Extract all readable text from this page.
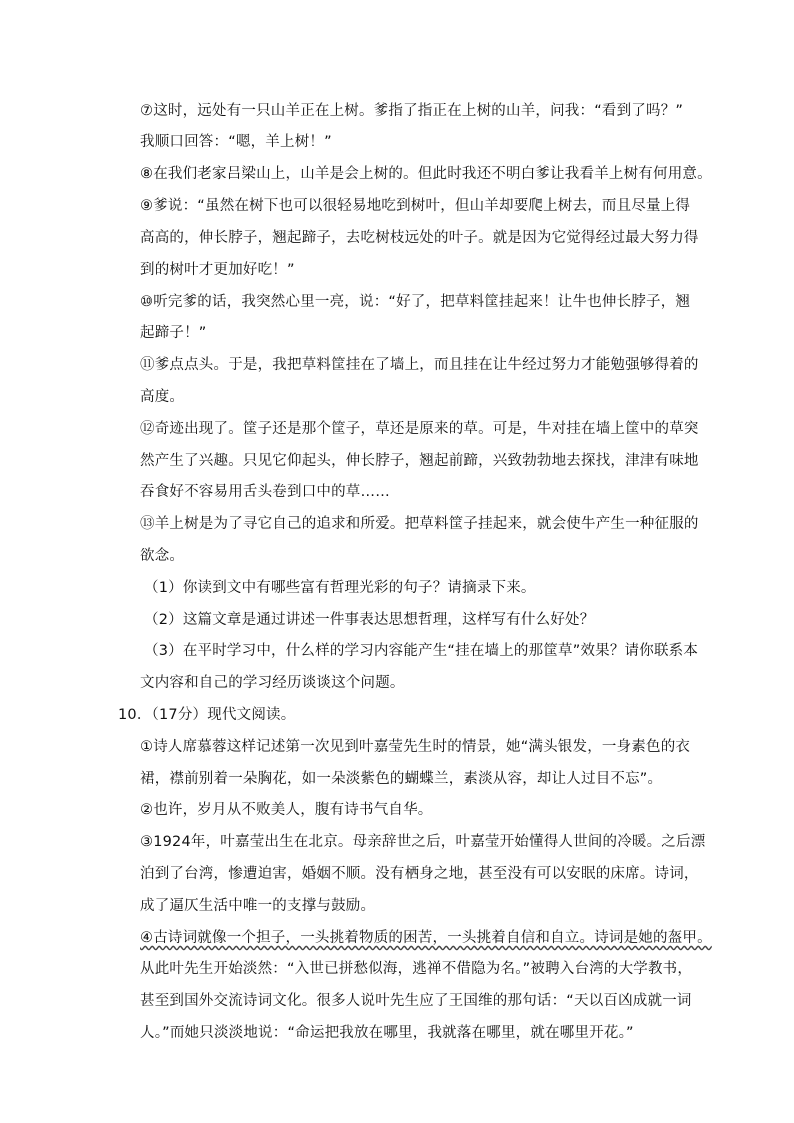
⑦这时，远处有一只山羊正在上树。爹指了指正在上树的山羊，问我：“看到了吗？”
我顺口回答：“嗯，羊上树！”
⑧在我们老家吕梁山上，山羊是会上树的。但此时我还不明白爹让我看羊上树有何用意。
⑨爹说：“虽然在树下也可以很轻易地吃到树叶，但山羊却要爬上树去，而且尽量上得
高高的，伸长脖子，翘起蹄子，去吃树枝远处的叶子。就是因为它觉得经过最大努力得
到的树叶才更加好吃！”
⑩听完爹的话，我突然心里一亮，说：“好了，把草料筐挂起来！让牛也伸长脖子，翘
起蹄子！”
⑪爹点点头。于是，我把草料筐挂在了墙上，而且挂在让牛经过努力才能勉强够得着的
高度。
⑫奇迹出现了。筐子还是那个筐子，草还是原来的草。可是，牛对挂在墙上筐中的草突
然产生了兴趣。只见它仰起头，伸长脖子，翘起前蹄，兴致勃勃地去探找，津津有味地
吞食好不容易用舌头卷到口中的草……
⑬羊上树是为了寻它自己的追求和所爱。把草料筐子挂起来，就会使牛产生一种征服的
欲念。
（1）你读到文中有哪些富有哲理光彩的句子？请摘录下来。
（2）这篇文章是通过讲述一件事表达思想哲理，这样写有什么好处？
（3）在平时学习中，什么样的学习内容能产生“挂在墙上的那筐草”效果？请你联系本
文内容和自己的学习经历谈谈这个问题。
10．（17分）现代文阅读。
①诗人席慕蓉这样记述第一次见到叶嘉莹先生时的情景，她“满头银发，一身素色的衣
裙，襟前别着一朵胸花，如一朵淡紫色的蝴蝶兰，素淡从容，却让人过目不忘”。
②也许，岁月从不败美人，腹有诗书气自华。
③1924年，叶嘉莹出生在北京。母亲辞世之后，叶嘉莹开始懂得人世间的冷暖。之后漂
泊到了台湾，惨遭迫害，婚姻不顺。没有栖身之地，甚至没有可以安眠的床席。诗词，
成了逼仄生活中唯一的支撑与鼓励。
④古诗词就像一个担子，一头挑着物质的困苦，一头挑着自信和自立。诗词是她的盔甲。
从此叶先生开始淡然：“入世已拼愁似海，逃禅不借隐为名。”被聘入台湾的大学教书，
甚至到国外交流诗词文化。很多人说叶先生应了王国维的那句话：“天以百凶成就一词
人。”而她只淡淡地说：“命运把我放在哪里，我就落在哪里，就在哪里开花。”
